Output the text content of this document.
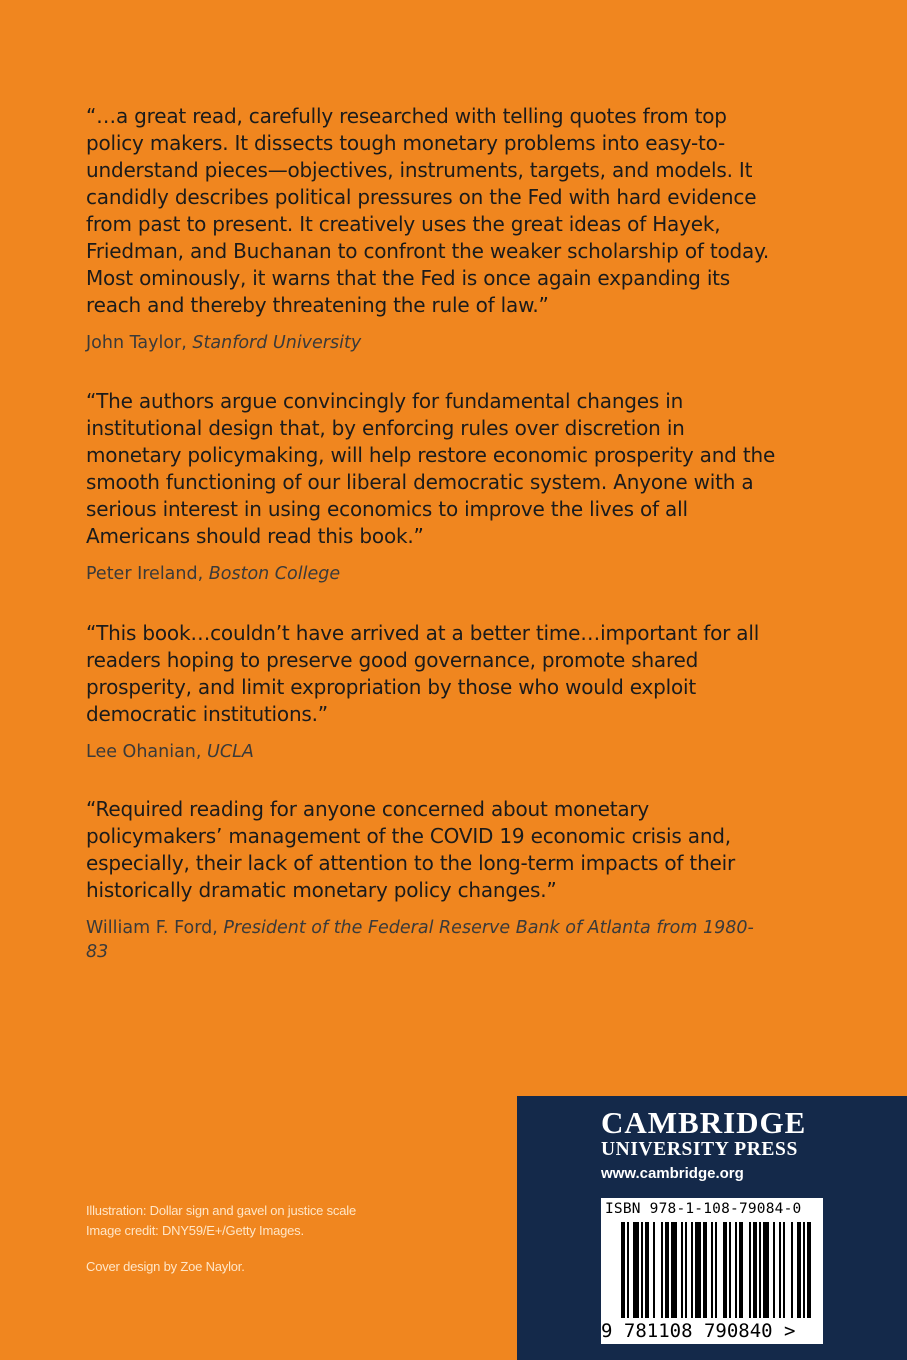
“…a great read, carefully researched with telling quotes from top policy makers. It dissects tough monetary problems into easy-to-understand pieces—objectives, instruments, targets, and models. It candidly describes political pressures on the Fed with hard evidence from past to present. It creatively uses the great ideas of Hayek, Friedman, and Buchanan to confront the weaker scholarship of today. Most ominously, it warns that the Fed is once again expanding its reach and thereby threatening the rule of law.”

John Taylor, Stanford University

“The authors argue convincingly for fundamental changes in institutional design that, by enforcing rules over discretion in monetary policymaking, will help restore economic prosperity and the smooth functioning of our liberal democratic system. Anyone with a serious interest in using economics to improve the lives of all Americans should read this book.”

Peter Ireland, Boston College

“This book…couldn’t have arrived at a better time…important for all readers hoping to preserve good governance, promote shared prosperity, and limit expropriation by those who would exploit democratic institutions.”

Lee Ohanian, UCLA

“Required reading for anyone concerned about monetary policymakers’ management of the COVID 19 economic crisis and, especially, their lack of attention to the long-term impacts of their historically dramatic monetary policy changes.”

William F. Ford, President of the Federal Reserve Bank of Atlanta from 1980-83

Illustration: Dollar sign and gavel on justice scale
Image credit: DNY59/E+/Getty Images.
Cover design by Zoe Naylor.
CAMBRIDGE
UNIVERSITY PRESS
www.cambridge.org
ISBN 978-1-108-79084-0
9 781108 790840 >
